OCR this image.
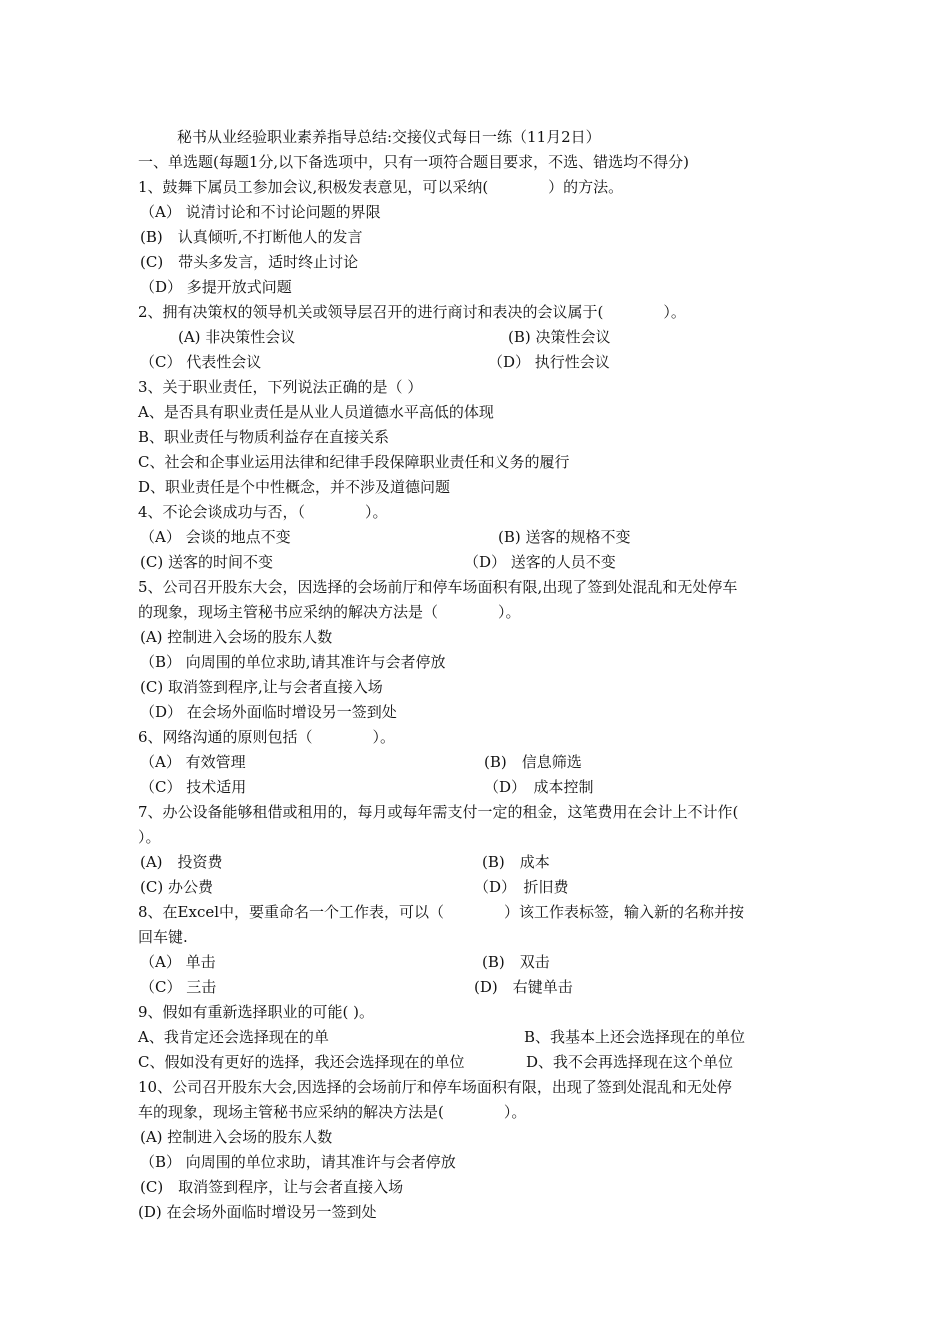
秘书从业经验职业素养指导总结:交接仪式每日一练（11月2日）
一、单选题(每题1分,以下备选项中，只有一项符合题目要求，不选、错选均不得分)
1、鼓舞下属员工参加会议,积极发表意见，可以采纳(　　　　）的方法。
（A） 说清讨论和不讨论问题的界限
(B)　认真倾听,不打断他人的发言
(C)　带头多发言，适时终止讨论
（D） 多提开放式问题
2、拥有决策权的领导机关或领导层召开的进行商讨和表决的会议属于(　　　　）。
(A) 非决策性会议	(B) 决策性会议
（C） 代表性会议	（D） 执行性会议
3、关于职业责任，下列说法正确的是（ ）
A、是否具有职业责任是从业人员道德水平高低的体现
B、职业责任与物质利益存在直接关系
C、社会和企事业运用法律和纪律手段保障职业责任和义务的履行
D、职业责任是个中性概念，并不涉及道德问题
4、不论会谈成功与否，（　　　　）。
（A） 会谈的地点不变	(B) 送客的规格不变
(C) 送客的时间不变	（D） 送客的人员不变
5、公司召开股东大会，因选择的会场前厅和停车场面积有限,出现了签到处混乱和无处停车
的现象，现场主管秘书应采纳的解决方法是（　　　　）。
(A) 控制进入会场的股东人数
（B） 向周围的单位求助,请其准许与会者停放
(C) 取消签到程序,让与会者直接入场
（D） 在会场外面临时增设另一签到处
6、网络沟通的原则包括（　　　　）。
（A） 有效管理	(B)　信息筛选
（C） 技术适用	（D）　成本控制
7、办公设备能够租借或租用的，每月或每年需支付一定的租金，这笔费用在会计上不计作(
）。
(A)　投资费	(B)　成本
(C) 办公费	（D）　折旧费
8、在Excel中，要重命名一个工作表，可以（　　　　）该工作表标签，输入新的名称并按
回车键.
（A） 单击	(B)　双击
（C） 三击	(D)　右键单击
9、假如有重新选择职业的可能( )。
A、我肯定还会选择现在的单	B、我基本上还会选择现在的单位
C、假如没有更好的选择，我还会选择现在的单位	D、我不会再选择现在这个单位
10、公司召开股东大会,因选择的会场前厅和停车场面积有限，出现了签到处混乱和无处停
车的现象，现场主管秘书应采纳的解决方法是(　　　　）。
(A) 控制进入会场的股东人数
（B） 向周围的单位求助，请其准许与会者停放
(C)　取消签到程序，让与会者直接入场
(D) 在会场外面临时增设另一签到处
